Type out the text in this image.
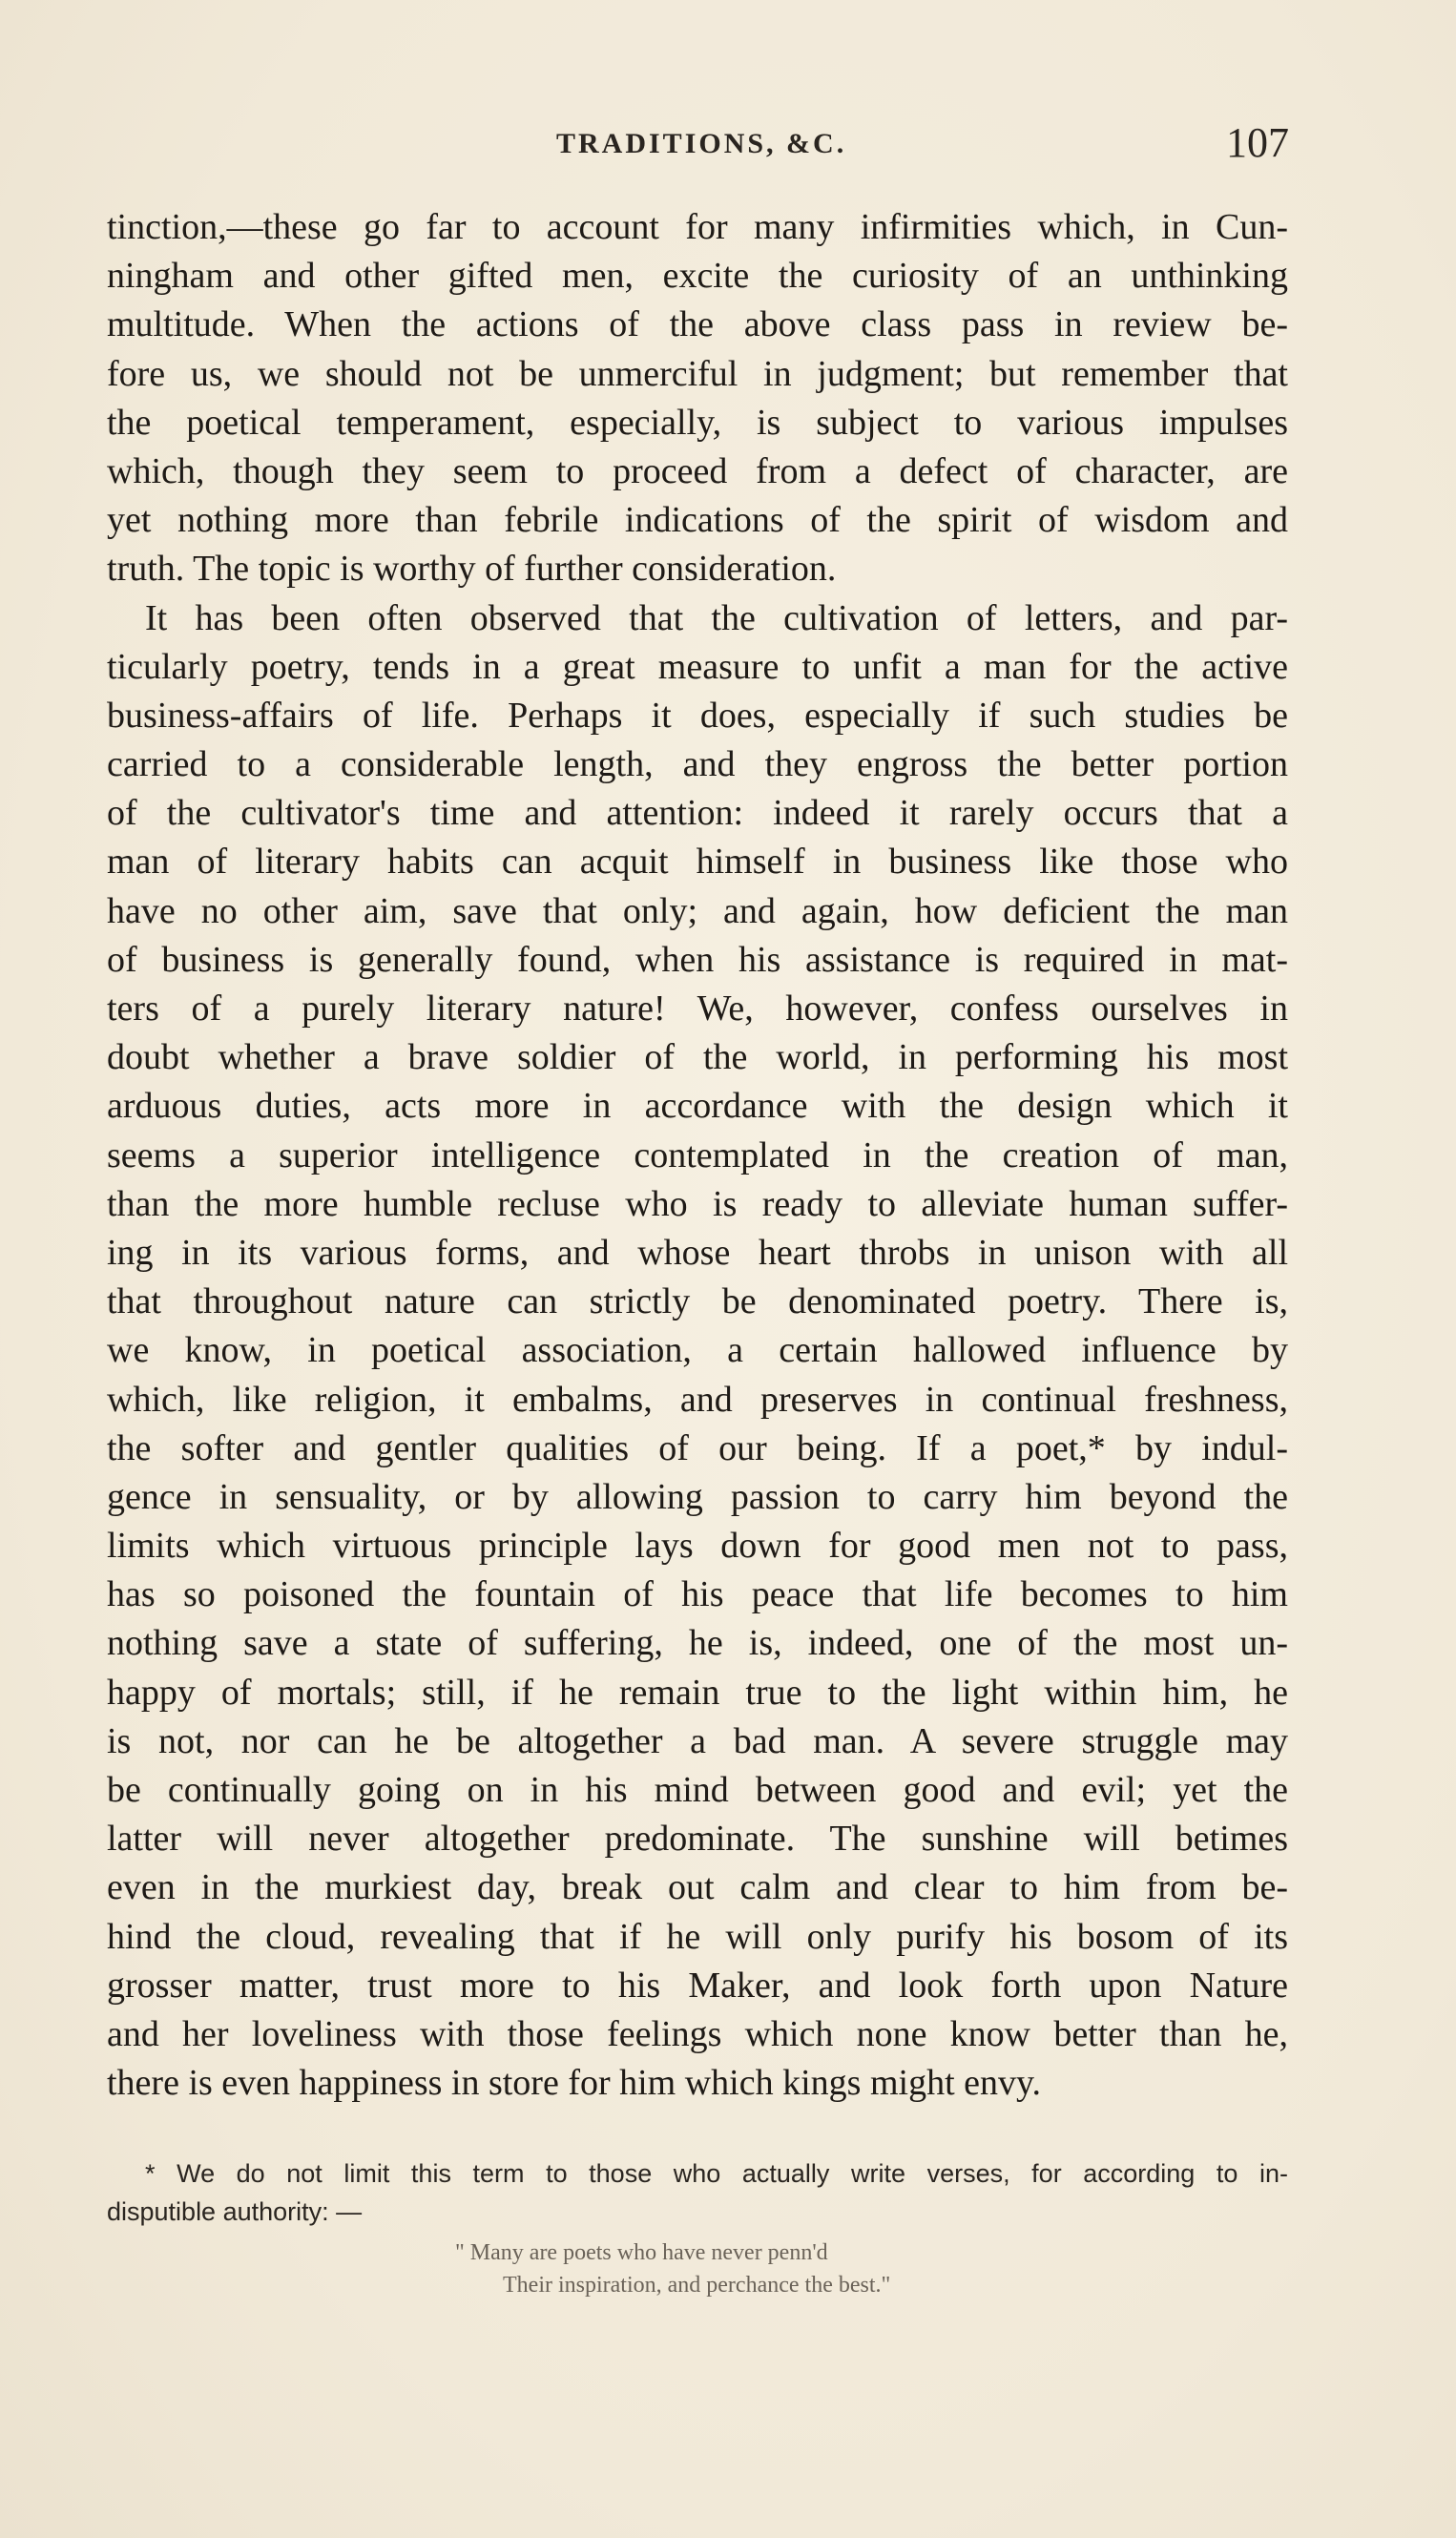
TRADITIONS, &C.	107
tinction,—these go far to account for many infirmities which, in Cun-
ningham and other gifted men, excite the curiosity of an unthinking
multitude. When the actions of the above class pass in review be-
fore us, we should not be unmerciful in judgment; but remember that
the poetical temperament, especially, is subject to various impulses
which, though they seem to proceed from a defect of character, are
yet nothing more than febrile indications of the spirit of wisdom and
truth. The topic is worthy of further consideration.
It has been often observed that the cultivation of letters, and par-
ticularly poetry, tends in a great measure to unfit a man for the active
business-affairs of life. Perhaps it does, especially if such studies be
carried to a considerable length, and they engross the better portion
of the cultivator's time and attention: indeed it rarely occurs that a
man of literary habits can acquit himself in business like those who
have no other aim, save that only; and again, how deficient the man
of business is generally found, when his assistance is required in mat-
ters of a purely literary nature! We, however, confess ourselves in
doubt whether a brave soldier of the world, in performing his most
arduous duties, acts more in accordance with the design which it
seems a superior intelligence contemplated in the creation of man,
than the more humble recluse who is ready to alleviate human suffer-
ing in its various forms, and whose heart throbs in unison with all
that throughout nature can strictly be denominated poetry. There is,
we know, in poetical association, a certain hallowed influence by
which, like religion, it embalms, and preserves in continual freshness,
the softer and gentler qualities of our being. If a poet,* by indul-
gence in sensuality, or by allowing passion to carry him beyond the
limits which virtuous principle lays down for good men not to pass,
has so poisoned the fountain of his peace that life becomes to him
nothing save a state of suffering, he is, indeed, one of the most un-
happy of mortals; still, if he remain true to the light within him, he
is not, nor can he be altogether a bad man. A severe struggle may
be continually going on in his mind between good and evil; yet the
latter will never altogether predominate. The sunshine will betimes
even in the murkiest day, break out calm and clear to him from be-
hind the cloud, revealing that if he will only purify his bosom of its
grosser matter, trust more to his Maker, and look forth upon Nature
and her loveliness with those feelings which none know better than he,
there is even happiness in store for him which kings might envy.
* We do not limit this term to those who actually write verses, for according to in-
disputible authority: —
" Many are poets who have never penn'd
Their inspiration, and perchance the best."
